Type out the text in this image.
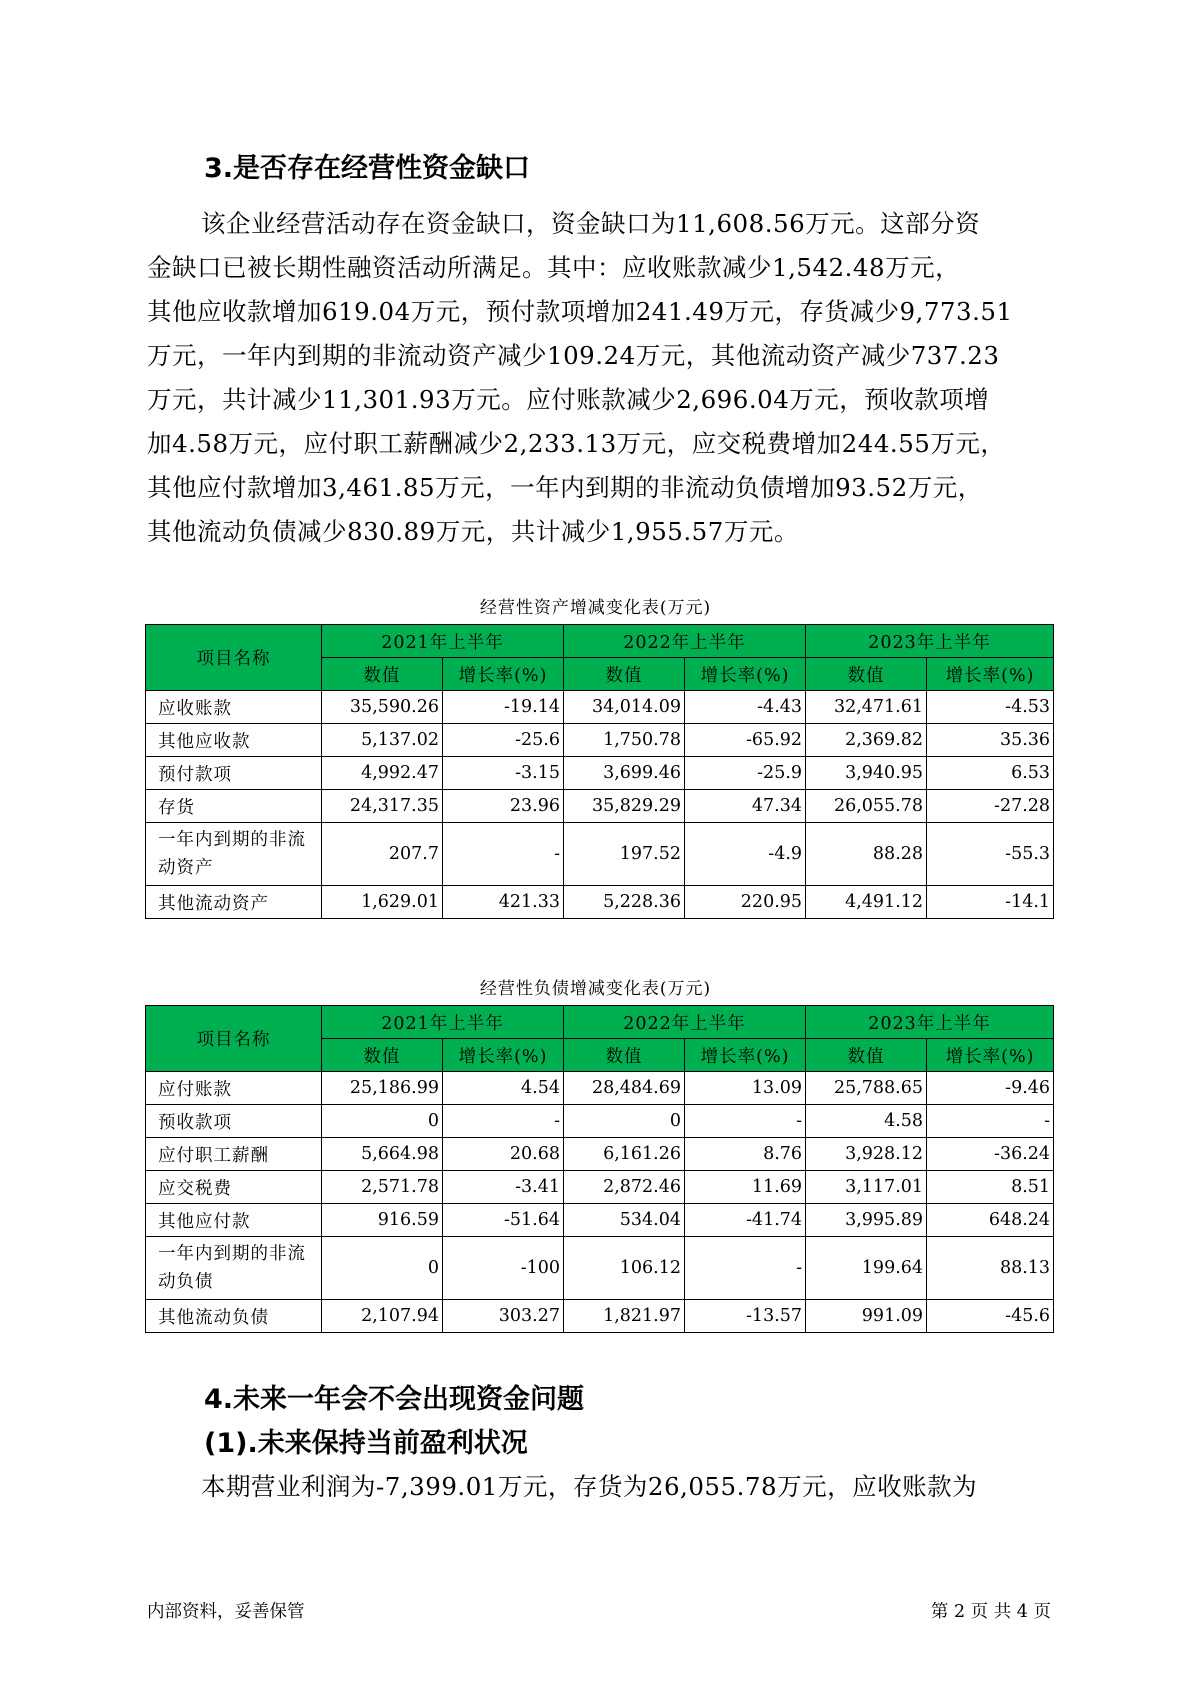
3.是否存在经营性资金缺口
该企业经营活动存在资金缺口，资金缺口为11,608.56万元。这部分资
金缺口已被长期性融资活动所满足。其中：应收账款减少1,542.48万元，
其他应收款增加619.04万元，预付款项增加241.49万元，存货减少9,773.51
万元，一年内到期的非流动资产减少109.24万元，其他流动资产减少737.23
万元，共计减少11,301.93万元。应付账款减少2,696.04万元，预收款项增
加4.58万元，应付职工薪酬减少2,233.13万元，应交税费增加244.55万元，
其他应付款增加3,461.85万元，一年内到期的非流动负债增加93.52万元，
其他流动负债减少830.89万元，共计减少1,955.57万元。
经营性资产增减变化表(万元)
项目名称	2021年上半年		2022年上半年		2023年上半年	
	数值	增长率(%)	数值	增长率(%)	数值	增长率(%)
应收账款	35,590.26	-19.14	34,014.09	-4.43	32,471.61	-4.53
其他应收款	5,137.02	-25.6	1,750.78	-65.92	2,369.82	35.36
预付款项	4,992.47	-3.15	3,699.46	-25.9	3,940.95	6.53
存货	24,317.35	23.96	35,829.29	47.34	26,055.78	-27.28
一年内到期的非流动资产	207.7	-	197.52	-4.9	88.28	-55.3
其他流动资产	1,629.01	421.33	5,228.36	220.95	4,491.12	-14.1
经营性负债增减变化表(万元)
项目名称	2021年上半年		2022年上半年		2023年上半年	
	数值	增长率(%)	数值	增长率(%)	数值	增长率(%)
应付账款	25,186.99	4.54	28,484.69	13.09	25,788.65	-9.46
预收款项	0	-	0	-	4.58	-
应付职工薪酬	5,664.98	20.68	6,161.26	8.76	3,928.12	-36.24
应交税费	2,571.78	-3.41	2,872.46	11.69	3,117.01	8.51
其他应付款	916.59	-51.64	534.04	-41.74	3,995.89	648.24
一年内到期的非流动负债	0	-100	106.12	-	199.64	88.13
其他流动负债	2,107.94	303.27	1,821.97	-13.57	991.09	-45.6
4.未来一年会不会出现资金问题
(1).未来保持当前盈利状况
本期营业利润为-7,399.01万元，存货为26,055.78万元，应收账款为
内部资料，妥善保管	第 2 页 共 4 页
